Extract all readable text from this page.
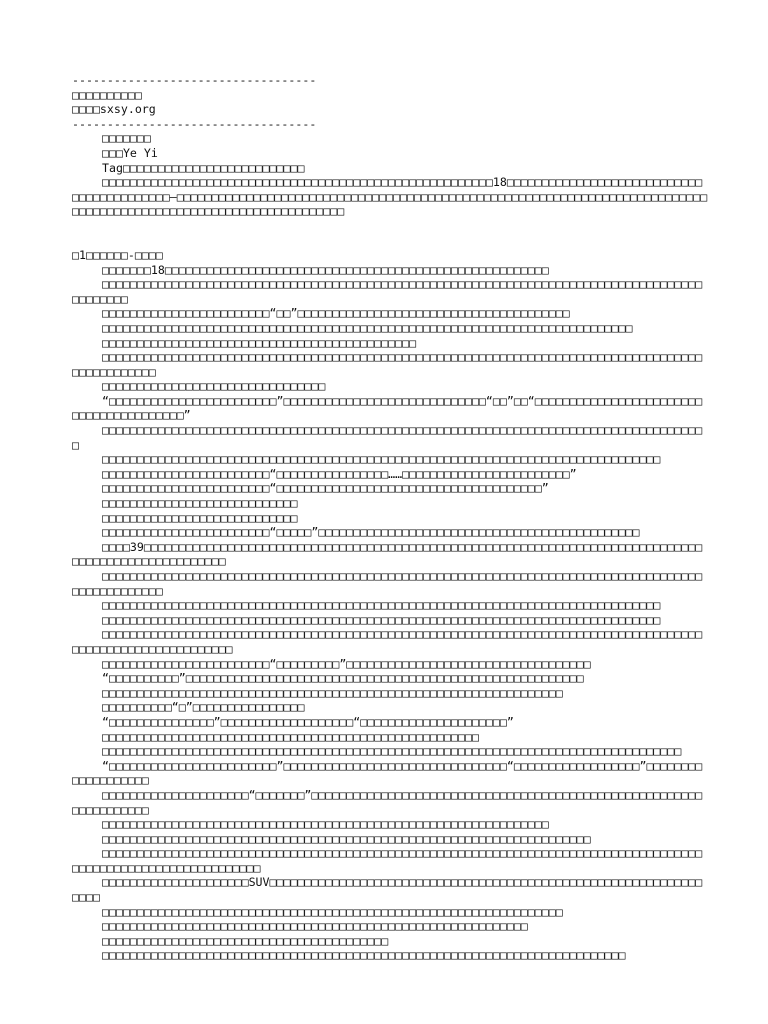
-----------------------------------
□□□□□□□□□□
□□□□sxsy.org
-----------------------------------
□□□□□□□
□□□Ye Yi
Tag□□□□□□□□□□□□□□□□□□□□□□□□□□
□□□□□□□□□□□□□□□□□□□□□□□□□□□□□□□□□□□□□□□□□□□□□□□□□□□□□□□□18□□□□□□□□□□□□□□□□□□□□□□□□□□□□□□□□□□□□□□□□□□—□□□□□□□□□□□□□□□□□□□□□□□□□□□□□□□□□□□□□□□□□□□□□□□□□□□□□□□□□□□□□□□□□□□□□□□□□□□□□□□□□□□□□□□□□□□□□□□□□□□□□□□□□□□□□□□□□□□
□1□□□□□□-□□□□
□□□□□□□18□□□□□□□□□□□□□□□□□□□□□□□□□□□□□□□□□□□□□□□□□□□□□□□□□□□□□□□
□□□□□□□□□□□□□□□□□□□□□□□□□□□□□□□□□□□□□□□□□□□□□□□□□□□□□□□□□□□□□□□□□□□□□□□□□□□□□□□□□□□□□□□□□□□□□□
□□□□□□□□□□□□□□□□□□□□□□□□“□□”□□□□□□□□□□□□□□□□□□□□□□□□□□□□□□□□□□□□□□□
□□□□□□□□□□□□□□□□□□□□□□□□□□□□□□□□□□□□□□□□□□□□□□□□□□□□□□□□□□□□□□□□□□□□□□□□□□□□
□□□□□□□□□□□□□□□□□□□□□□□□□□□□□□□□□□□□□□□□□□□□□
□□□□□□□□□□□□□□□□□□□□□□□□□□□□□□□□□□□□□□□□□□□□□□□□□□□□□□□□□□□□□□□□□□□□□□□□□□□□□□□□□□□□□□□□□□□□□□□□□□
□□□□□□□□□□□□□□□□□□□□□□□□□□□□□□□□
“□□□□□□□□□□□□□□□□□□□□□□□□”□□□□□□□□□□□□□□□□□□□□□□□□□□□□□“□□”□□“□□□□□□□□□□□□□□□□□□□□□□□□□□□□□□□□□□□□□□□□”
□□□□□□□□□□□□□□□□□□□□□□□□□□□□□□□□□□□□□□□□□□□□□□□□□□□□□□□□□□□□□□□□□□□□□□□□□□□□□□□□□□□□□□□
□□□□□□□□□□□□□□□□□□□□□□□□□□□□□□□□□□□□□□□□□□□□□□□□□□□□□□□□□□□□□□□□□□□□□□□□□□□□□□□□
□□□□□□□□□□□□□□□□□□□□□□□□“□□□□□□□□□□□□□□□□……□□□□□□□□□□□□□□□□□□□□□□□□”
□□□□□□□□□□□□□□□□□□□□□□□□“□□□□□□□□□□□□□□□□□□□□□□□□□□□□□□□□□□□□□□”
□□□□□□□□□□□□□□□□□□□□□□□□□□□□
□□□□□□□□□□□□□□□□□□□□□□□□□□□□
□□□□□□□□□□□□□□□□□□□□□□□□“□□□□□”□□□□□□□□□□□□□□□□□□□□□□□□□□□□□□□□□□□□□□□□□□□□□□
□□□□39□□□□□□□□□□□□□□□□□□□□□□□□□□□□□□□□□□□□□□□□□□□□□□□□□□□□□□□□□□□□□□□□□□□□□□□□□□□□□□□□□□□□□□□□□□□□□□□□□□□□□□
□□□□□□□□□□□□□□□□□□□□□□□□□□□□□□□□□□□□□□□□□□□□□□□□□□□□□□□□□□□□□□□□□□□□□□□□□□□□□□□□□□□□□□□□□□□□□□□□□□□
□□□□□□□□□□□□□□□□□□□□□□□□□□□□□□□□□□□□□□□□□□□□□□□□□□□□□□□□□□□□□□□□□□□□□□□□□□□□□□□□
□□□□□□□□□□□□□□□□□□□□□□□□□□□□□□□□□□□□□□□□□□□□□□□□□□□□□□□□□□□□□□□□□□□□□□□□□□□□□□□□
□□□□□□□□□□□□□□□□□□□□□□□□□□□□□□□□□□□□□□□□□□□□□□□□□□□□□□□□□□□□□□□□□□□□□□□□□□□□□□□□□□□□□□□□□□□□□□□□□□□□□□□□□□□□□
□□□□□□□□□□□□□□□□□□□□□□□□“□□□□□□□□□”□□□□□□□□□□□□□□□□□□□□□□□□□□□□□□□□□□□
“□□□□□□□□□□”□□□□□□□□□□□□□□□□□□□□□□□□□□□□□□□□□□□□□□□□□□□□□□□□□□□□□□□□□
□□□□□□□□□□□□□□□□□□□□□□□□□□□□□□□□□□□□□□□□□□□□□□□□□□□□□□□□□□□□□□□□□□
□□□□□□□□□□“□”□□□□□□□□□□□□□□□□
“□□□□□□□□□□□□□□□”□□□□□□□□□□□□□□□□□□□“□□□□□□□□□□□□□□□□□□□□□”
□□□□□□□□□□□□□□□□□□□□□□□□□□□□□□□□□□□□□□□□□□□□□□□□□□□□□□
□□□□□□□□□□□□□□□□□□□□□□□□□□□□□□□□□□□□□□□□□□□□□□□□□□□□□□□□□□□□□□□□□□□□□□□□□□□□□□□□□□□
“□□□□□□□□□□□□□□□□□□□□□□□□”□□□□□□□□□□□□□□□□□□□□□□□□□□□□□□□□“□□□□□□□□□□□□□□□□□□”□□□□□□□□□□□□□□□□□□□
□□□□□□□□□□□□□□□□□□□□□“□□□□□□□”□□□□□□□□□□□□□□□□□□□□□□□□□□□□□□□□□□□□□□□□□□□□□□□□□□□□□□□□□□□□□□□□□□□
□□□□□□□□□□□□□□□□□□□□□□□□□□□□□□□□□□□□□□□□□□□□□□□□□□□□□□□□□□□□□□□□
□□□□□□□□□□□□□□□□□□□□□□□□□□□□□□□□□□□□□□□□□□□□□□□□□□□□□□□□□□□□□□□□□□□□□□
□□□□□□□□□□□□□□□□□□□□□□□□□□□□□□□□□□□□□□□□□□□□□□□□□□□□□□□□□□□□□□□□□□□□□□□□□□□□□□□□□□□□□□□□□□□□□□□□□□□□□□□□□□□□□□□□□
□□□□□□□□□□□□□□□□□□□□□SUV□□□□□□□□□□□□□□□□□□□□□□□□□□□□□□□□□□□□□□□□□□□□□□□□□□□□□□□□□□□□□□□□□□
□□□□□□□□□□□□□□□□□□□□□□□□□□□□□□□□□□□□□□□□□□□□□□□□□□□□□□□□□□□□□□□□□□
□□□□□□□□□□□□□□□□□□□□□□□□□□□□□□□□□□□□□□□□□□□□□□□□□□□□□□□□□□□□□
□□□□□□□□□□□□□□□□□□□□□□□□□□□□□□□□□□□□□□□□□
□□□□□□□□□□□□□□□□□□□□□□□□□□□□□□□□□□□□□□□□□□□□□□□□□□□□□□□□□□□□□□□□□□□□□□□□□□□
